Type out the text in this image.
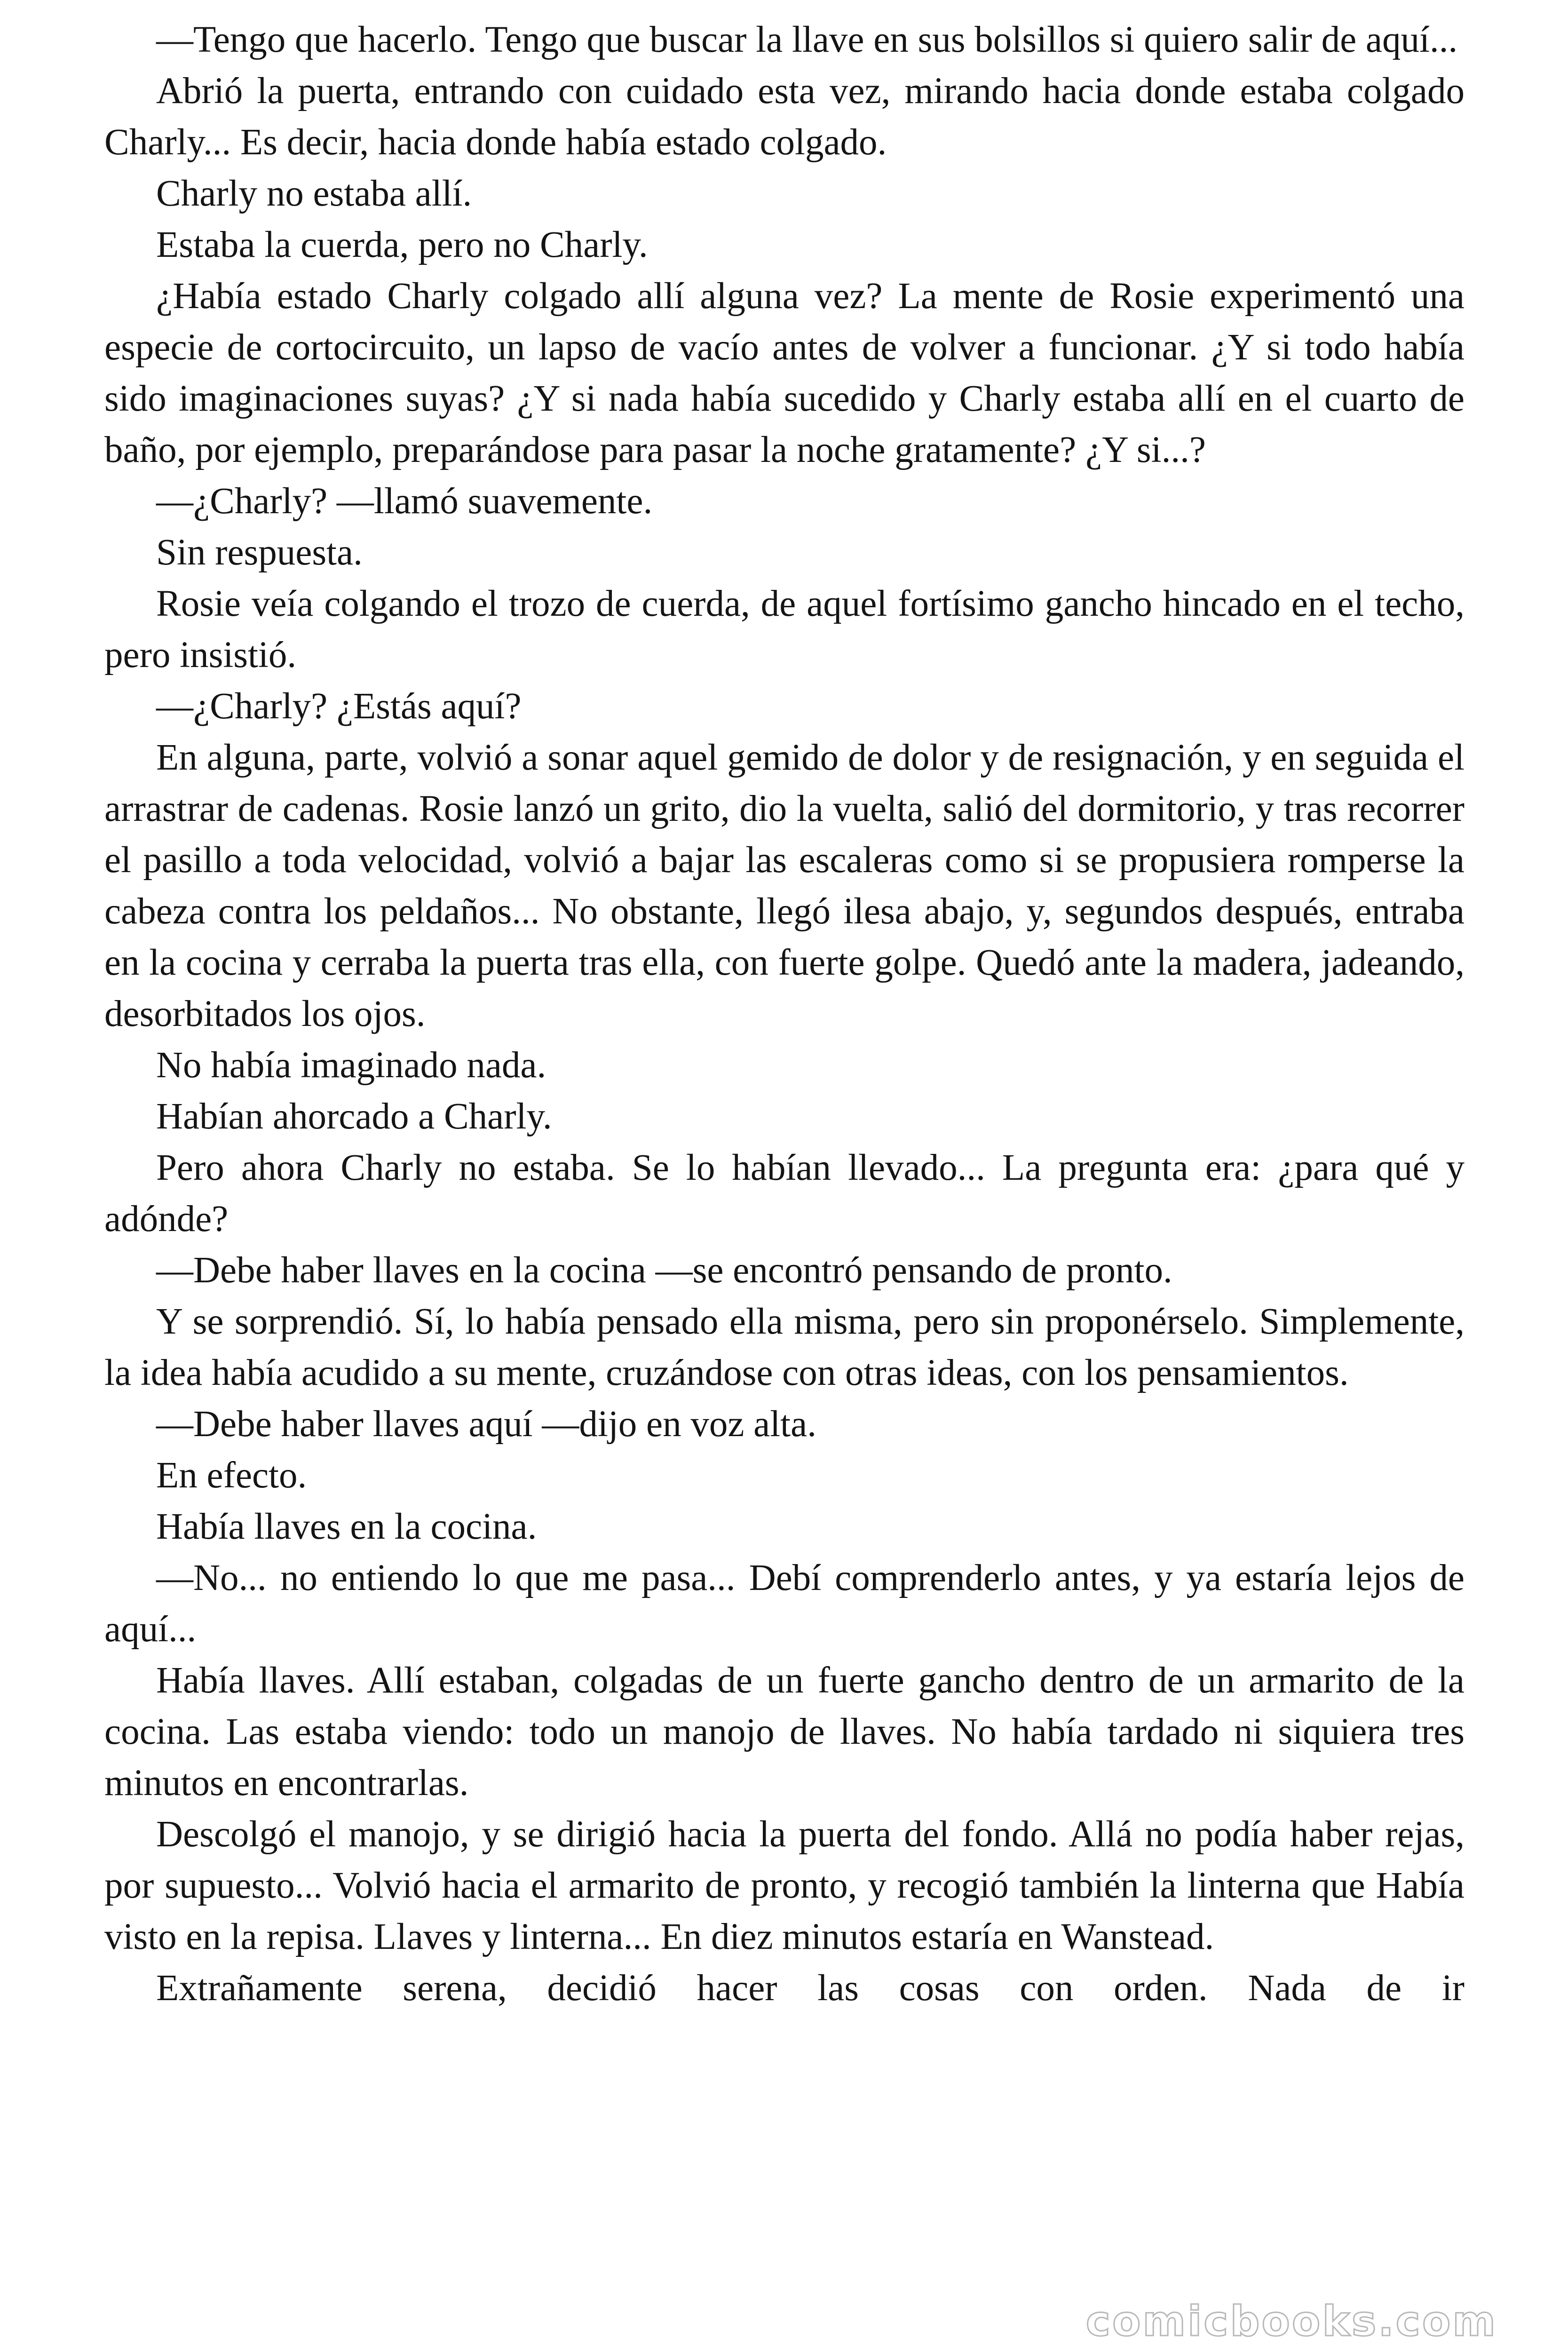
—Tengo que hacerlo. Tengo que buscar la llave en sus bolsillos si quiero salir de aquí...

Abrió la puerta, entrando con cuidado esta vez, mirando hacia donde estaba colgado Charly... Es decir, hacia donde había estado colgado.

Charly no estaba allí.

Estaba la cuerda, pero no Charly.

¿Había estado Charly colgado allí alguna vez? La mente de Rosie experimentó una especie de cortocircuito, un lapso de vacío antes de volver a funcionar. ¿Y si todo había sido imaginaciones suyas? ¿Y si nada había sucedido y Charly estaba allí en el cuarto de baño, por ejemplo, preparándose para pasar la noche gratamente? ¿Y si...?

—¿Charly? —llamó suavemente.

Sin respuesta.

Rosie veía colgando el trozo de cuerda, de aquel fortísimo gancho hincado en el techo, pero insistió.

—¿Charly? ¿Estás aquí?

En alguna, parte, volvió a sonar aquel gemido de dolor y de resignación, y en seguida el arrastrar de cadenas. Rosie lanzó un grito, dio la vuelta, salió del dormitorio, y tras recorrer el pasillo a toda velocidad, volvió a bajar las escaleras como si se propusiera romperse la cabeza contra los peldaños... No obstante, llegó ilesa abajo, y, segundos después, entraba en la cocina y cerraba la puerta tras ella, con fuerte golpe. Quedó ante la madera, jadeando, desorbitados los ojos.

No había imaginado nada.

Habían ahorcado a Charly.

Pero ahora Charly no estaba. Se lo habían llevado... La pregunta era: ¿para qué y adónde?

—Debe haber llaves en la cocina —se encontró pensando de pronto.

Y se sorprendió. Sí, lo había pensado ella misma, pero sin proponérselo. Simplemente, la idea había acudido a su mente, cruzándose con otras ideas, con los pensamientos.

—Debe haber llaves aquí —dijo en voz alta.

En efecto.

Había llaves en la cocina.

—No... no entiendo lo que me pasa... Debí comprenderlo antes, y ya estaría lejos de aquí...

Había llaves. Allí estaban, colgadas de un fuerte gancho dentro de un armarito de la cocina. Las estaba viendo: todo un manojo de llaves. No había tardado ni siquiera tres minutos en encontrarlas.

Descolgó el manojo, y se dirigió hacia la puerta del fondo. Allá no podía haber rejas, por supuesto... Volvió hacia el armarito de pronto, y recogió también la linterna que Había visto en la repisa. Llaves y linterna... En diez minutos estaría en Wanstead.

Extrañamente serena, decidió hacer las cosas con orden. Nada de ir

comicbooks.com
